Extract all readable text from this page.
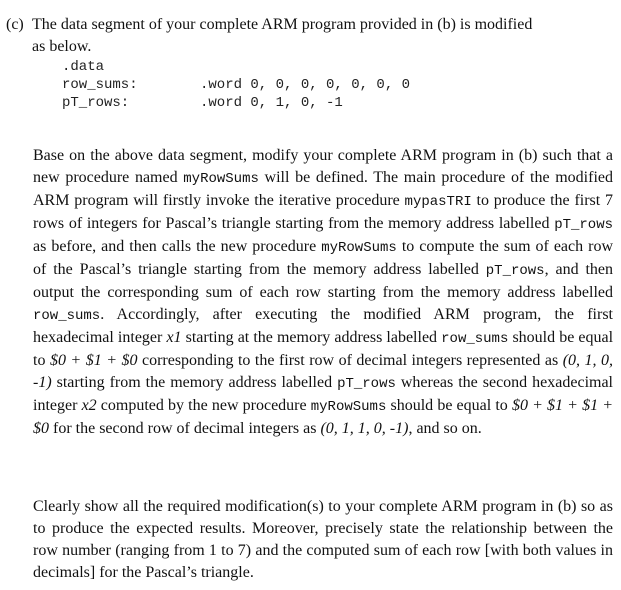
(c) The data segment of your complete ARM program provided in (b) is modified
as below.
.data
row_sums:	.word 0, 0, 0, 0, 0, 0, 0
pT_rows:	.word 0, 1, 0, -1
Base on the above data segment, modify your complete ARM program in (b) such that a new procedure named myRowSums will be defined. The main procedure of the modified ARM program will firstly invoke the iterative procedure mypasTRI to produce the first 7 rows of integers for Pascal’s triangle starting from the memory address labelled pT_rows as before, and then calls the new procedure myRowSums to compute the sum of each row of the Pascal’s triangle starting from the memory address labelled pT_rows, and then output the corresponding sum of each row starting from the memory address labelled row_sums. Accordingly, after executing the modified ARM program, the first hexadecimal integer x1 starting at the memory address labelled row_sums should be equal to $0 + $1 + $0 corresponding to the first row of decimal integers represented as (0, 1, 0, -1) starting from the memory address labelled pT_rows whereas the second hexadecimal integer x2 computed by the new procedure myRowSums should be equal to $0 + $1 + $1 + $0 for the second row of decimal integers as (0, 1, 1, 0, -1), and so on.
Clearly show all the required modification(s) to your complete ARM program in (b) so as to produce the expected results. Moreover, precisely state the relationship between the row number (ranging from 1 to 7) and the computed sum of each row [with both values in decimals] for the Pascal’s triangle.
